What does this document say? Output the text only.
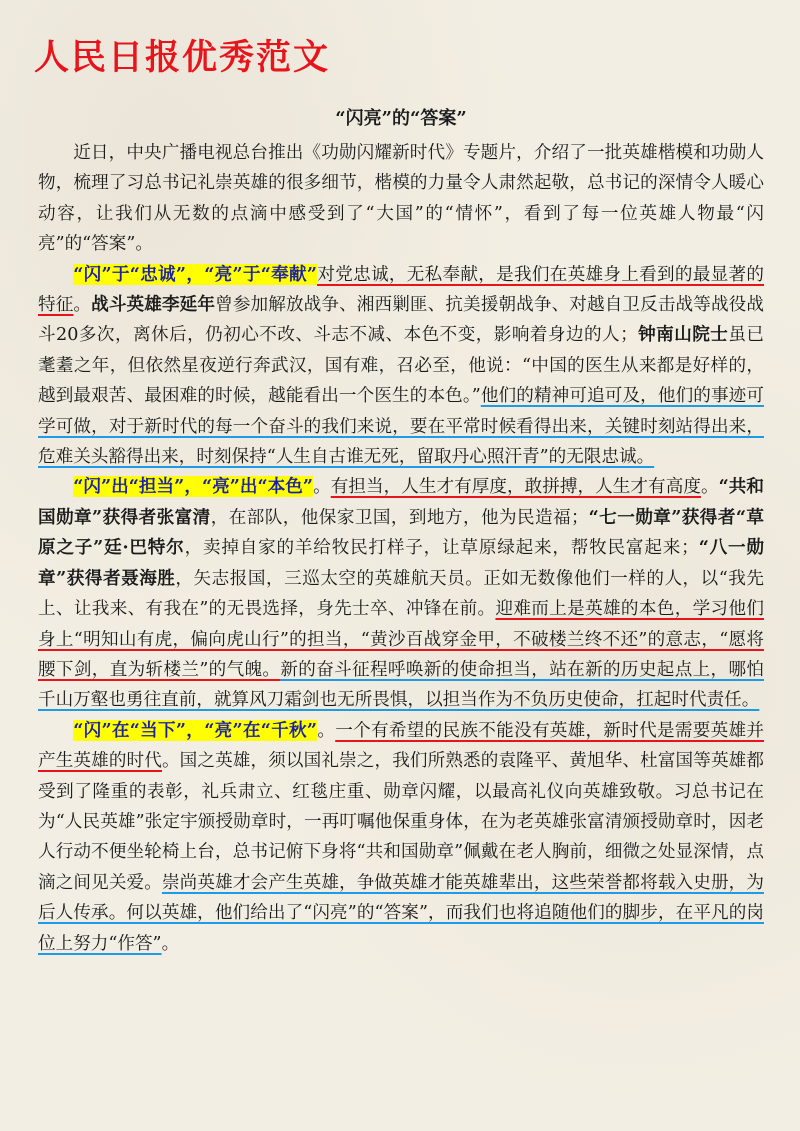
人民日报优秀范文
“闪亮”的“答案”

近日，中央广播电视总台推出《功勋闪耀新时代》专题片，介绍了一批英雄楷模和功勋人物，梳理了习总书记礼崇英雄的很多细节，楷模的力量令人肃然起敬，总书记的深情令人暖心动容，让我们从无数的点滴中感受到了“大国”的“情怀”，看到了每一位英雄人物最“闪亮”的“答案”。

“闪”于“忠诚”，“亮”于“奉献”对党忠诚，无私奉献，是我们在英雄身上看到的最显著的特征。战斗英雄李延年曾参加解放战争、湘西剿匪、抗美援朝战争、对越自卫反击战等战役战斗20多次，离休后，仍初心不改、斗志不减、本色不变，影响着身边的人；钟南山院士虽已耄耋之年，但依然星夜逆行奔武汉，国有难，召必至，他说：“中国的医生从来都是好样的，越到最艰苦、最困难的时候，越能看出一个医生的本色。”他们的精神可追可及，他们的事迹可学可做，对于新时代的每一个奋斗的我们来说，要在平常时候看得出来，关键时刻站得出来，危难关头豁得出来，时刻保持“人生自古谁无死，留取丹心照汗青”的无限忠诚。

“闪”出“担当”，“亮”出“本色”。有担当，人生才有厚度，敢拼搏，人生才有高度。“共和国勋章”获得者张富清，在部队，他保家卫国，到地方，他为民造福；“七一勋章”获得者“草原之子”廷·巴特尔，卖掉自家的羊给牧民打样子，让草原绿起来，帮牧民富起来；“八一勋章”获得者聂海胜，矢志报国，三巡太空的英雄航天员。正如无数像他们一样的人，以“我先上、让我来、有我在”的无畏选择，身先士卒、冲锋在前。迎难而上是英雄的本色，学习他们身上“明知山有虎，偏向虎山行”的担当，“黄沙百战穿金甲，不破楼兰终不还”的意志，“愿将腰下剑，直为斩楼兰”的气魄。新的奋斗征程呼唤新的使命担当，站在新的历史起点上，哪怕千山万壑也勇往直前，就算风刀霜剑也无所畏惧，以担当作为不负历史使命，扛起时代责任。

“闪”在“当下”，“亮”在“千秋”。一个有希望的民族不能没有英雄，新时代是需要英雄并产生英雄的时代。国之英雄，须以国礼崇之，我们所熟悉的袁隆平、黄旭华、杜富国等英雄都受到了隆重的表彰，礼兵肃立、红毯庄重、勋章闪耀，以最高礼仪向英雄致敬。习总书记在为“人民英雄”张定宇颁授勋章时，一再叮嘱他保重身体，在为老英雄张富清颁授勋章时，因老人行动不便坐轮椅上台，总书记俯下身将“共和国勋章”佩戴在老人胸前，细微之处显深情，点滴之间见关爱。崇尚英雄才会产生英雄，争做英雄才能英雄辈出，这些荣誉都将载入史册，为后人传承。何以英雄，他们给出了“闪亮”的“答案”，而我们也将追随他们的脚步，在平凡的岗位上努力“作答”。
